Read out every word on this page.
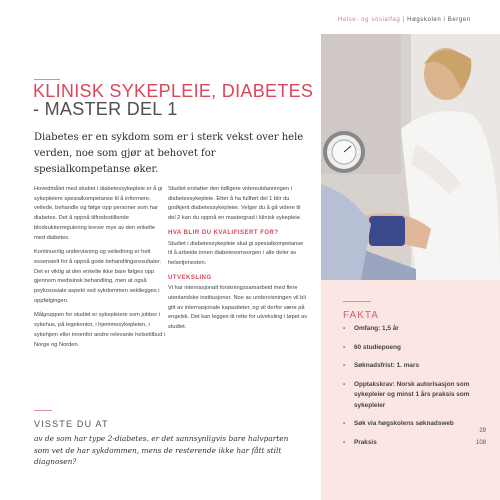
Helse- og sosialfag | Høgskolen i Bergen
KLINISK SYKEPLEIE, DIABETES
- MASTER DEL 1
Diabetes er en sykdom som er i sterk vekst over hele verden, noe som gjør at behovet for spesialkompetanse øker.

Hovedmålet med studiet i diabetessykepleie er å gi sykepleiere spesialkompetanse til å informere, veilede, behandle og følge opp personer som har diabetes. Det å oppnå tilfredsstillende blodsukkerregulering krever mye av den enkelte med diabetes.

Kontinuerlig undervisning og veiledning er helt essensielt for å oppnå gode behandlingsresultater. Det er viktig at den enkelte ikke bare følges opp gjennom medisinsk behandling, men at også psykososiale aspekt ved sykdommen vektlegges i oppfølgingen.

Målgruppen for studiet er sykepleiere som jobber i sykehus, på legekontor, i hjemmesykepleien, i sykehjem eller innenfor andre relevante helsetilbud i Norge og Norden.

Studiet erstatter den tidligere videreutdanningen i diabetessykepleie. Etter å ha fullført del 1 blir du godkjent diabetessykepleier. Velger du å gå videre til del 2 kan du oppnå en mastergrad i klinisk sykepleie.

HVA BLIR DU KVALIFISERT FOR?

Studiet i diabetessykepleie skal gi spesialkompetanse til å arbeide innen diabetesomsorgen i alle deler av helsetjenesten.

UTVEKSLING

Vi har internasjonalt forskningssamarbeid med flere utenlandske institusjoner. Noe av undervisningen vil bli gitt av internasjonale kapasiteter, og vil derfor være på engelsk. Det kan legges til rette for utveksling i løpet av studiet.

VISSTE DU AT
av de som har type 2-diabetes, er det sannsynligvis bare halvparten som vet de har sykdommen, mens de resterende ikke har fått stilt diagnosen?
FAKTA
• Omfang: 1,5 år
• 60 studiepoeng
• Søknadsfrist: 1. mars
• Opptakskrav: Norsk autorisasjon som sykepleier og minst 1 års praksis som sykepleier
• Søk via høgskolens søknadsweb
• Praksis
29
108
